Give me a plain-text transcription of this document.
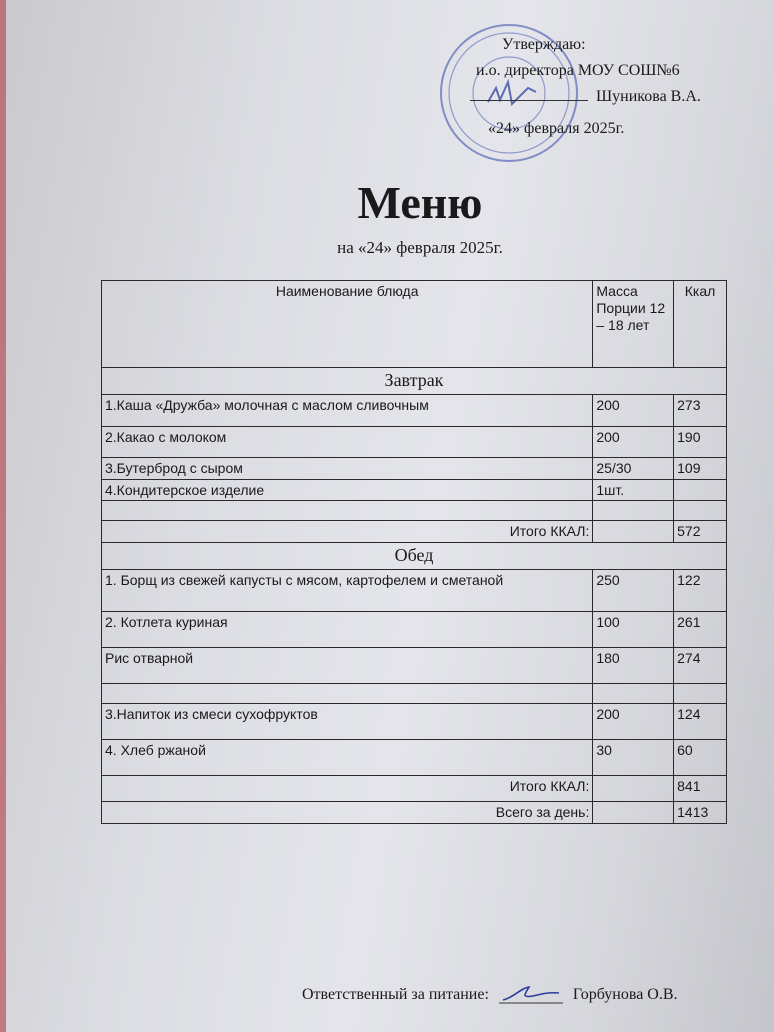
Утверждаю:
и.о. директора МОУ СОШ№6
Шуникова В.А.
«24» февраля 2025г.
Меню
на «24» февраля 2025г.
Наименование блюда	Масса Порции 12 – 18 лет	Ккал
Завтрак		
1.Каша «Дружба» молочная с маслом сливочным	200	273
2.Какао с молоком	200	190
3.Бутерброд с сыром	25/30	109
4.Кондитерское изделие	1шт.	

Итого ККАЛ:		572
Обед		
1. Борщ из свежей капусты с мясом, картофелем и сметаной	250	122
2. Котлета куриная	100	261
Рис отварной	180	274

3.Напиток из смеси сухофруктов	200	124
4. Хлеб ржаной	30	60
Итого ККАЛ:		841
Всего за день:		1413
Ответственный за питание:	Горбунова О.В.
